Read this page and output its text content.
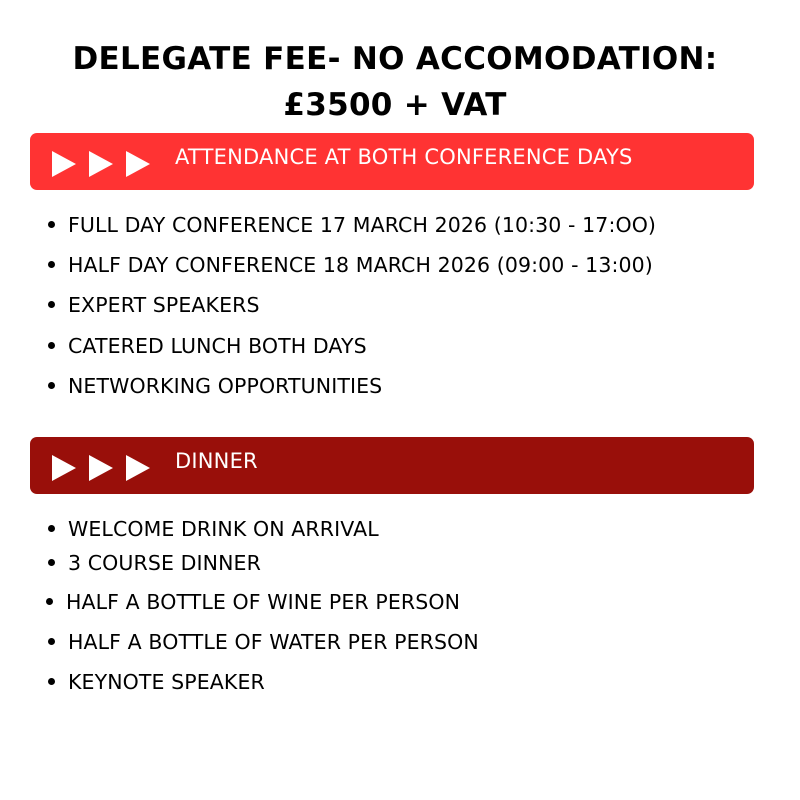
DELEGATE FEE- NO ACCOMODATION:
£3500 + VAT
ATTENDANCE AT BOTH CONFERENCE DAYS
FULL DAY CONFERENCE 17 MARCH 2026 (10:30 - 17:OO)
HALF DAY CONFERENCE 18 MARCH 2026 (09:00 - 13:00)
EXPERT SPEAKERS
CATERED LUNCH BOTH DAYS
NETWORKING OPPORTUNITIES
DINNER
WELCOME DRINK ON ARRIVAL
3 COURSE DINNER
HALF A BOTTLE OF WINE PER PERSON
HALF A BOTTLE OF WATER PER PERSON
KEYNOTE SPEAKER
